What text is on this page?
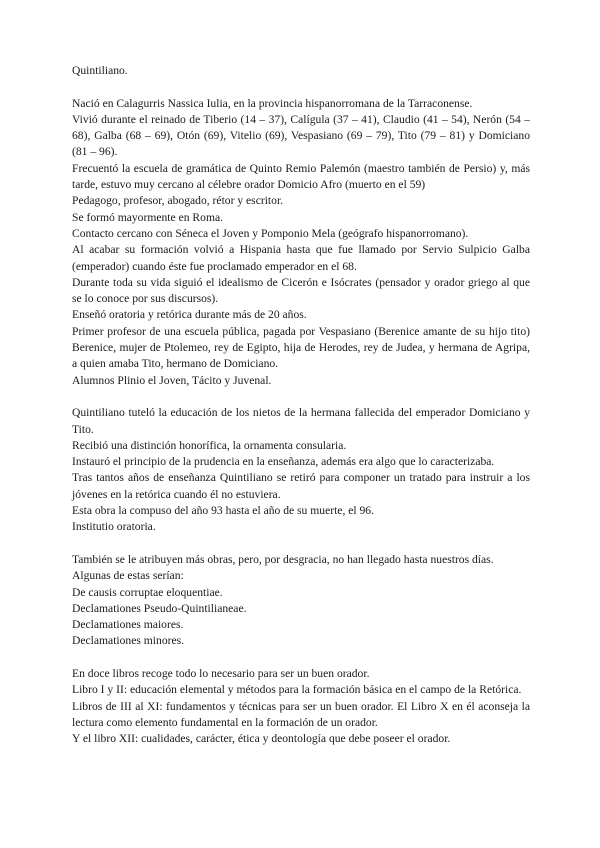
Quintiliano.

Nació en Calagurris Nassica Iulia, en la provincia hispanorromana de la Tarraconense.

Vivió durante el reinado de Tiberio (14 – 37), Calígula (37 – 41), Claudio (41 – 54), Nerón (54 – 68), Galba (68 – 69), Otón (69), Vitelio (69), Vespasiano (69 – 79), Tito (79 – 81) y Domiciano (81 – 96).

Frecuentó la escuela de gramática de Quinto Remio Palemón (maestro también de Persio) y, más tarde, estuvo muy cercano al célebre orador Domicio Afro (muerto en el 59)

Pedagogo, profesor, abogado, rétor y escritor.

Se formó mayormente en Roma.

Contacto cercano con Séneca el Joven y Pomponio Mela (geógrafo hispanorromano).

Al acabar su formación volvió a Hispania hasta que fue llamado por Servio Sulpicio Galba (emperador) cuando éste fue proclamado emperador en el 68.

Durante toda su vida siguió el idealismo de Cicerón e Isócrates (pensador y orador griego al que se lo conoce por sus discursos).

Enseñó oratoria y retórica durante más de 20 años.

Primer profesor de una escuela pública, pagada por Vespasiano (Berenice amante de su hijo tito) Berenice, mujer de Ptolemeo, rey de Egipto, hija de Herodes, rey de Judea, y hermana de Agripa, a quien amaba Tito, hermano de Domiciano.

Alumnos Plinio el Joven, Tácito y Juvenal.

Quintiliano tuteló la educación de los nietos de la hermana fallecida del emperador Domiciano y Tito.

Recibió una distinción honorífica, la ornamenta consularia.

Instauró el principio de la prudencia en la enseñanza, además era algo que lo caracterizaba.

Tras tantos años de enseñanza Quintiliano se retiró para componer un tratado para instruir a los jóvenes en la retórica cuando él no estuviera.

Esta obra la compuso del año 93 hasta el año de su muerte, el 96.

Institutio oratoria.

También se le atribuyen más obras, pero, por desgracia, no han llegado hasta nuestros días.

Algunas de estas serían:

De causis corruptae eloquentiae.

Declamationes Pseudo-Quintilianeae.

Declamationes maiores.

Declamationes minores.

En doce libros recoge todo lo necesario para ser un buen orador.

Libro I y II: educación elemental y métodos para la formación básica en el campo de la Retórica.

Libros de III al XI: fundamentos y técnicas para ser un buen orador. El Libro X en él aconseja la lectura como elemento fundamental en la formación de un orador.

Y el libro XII: cualidades, carácter, ética y deontología que debe poseer el orador.
